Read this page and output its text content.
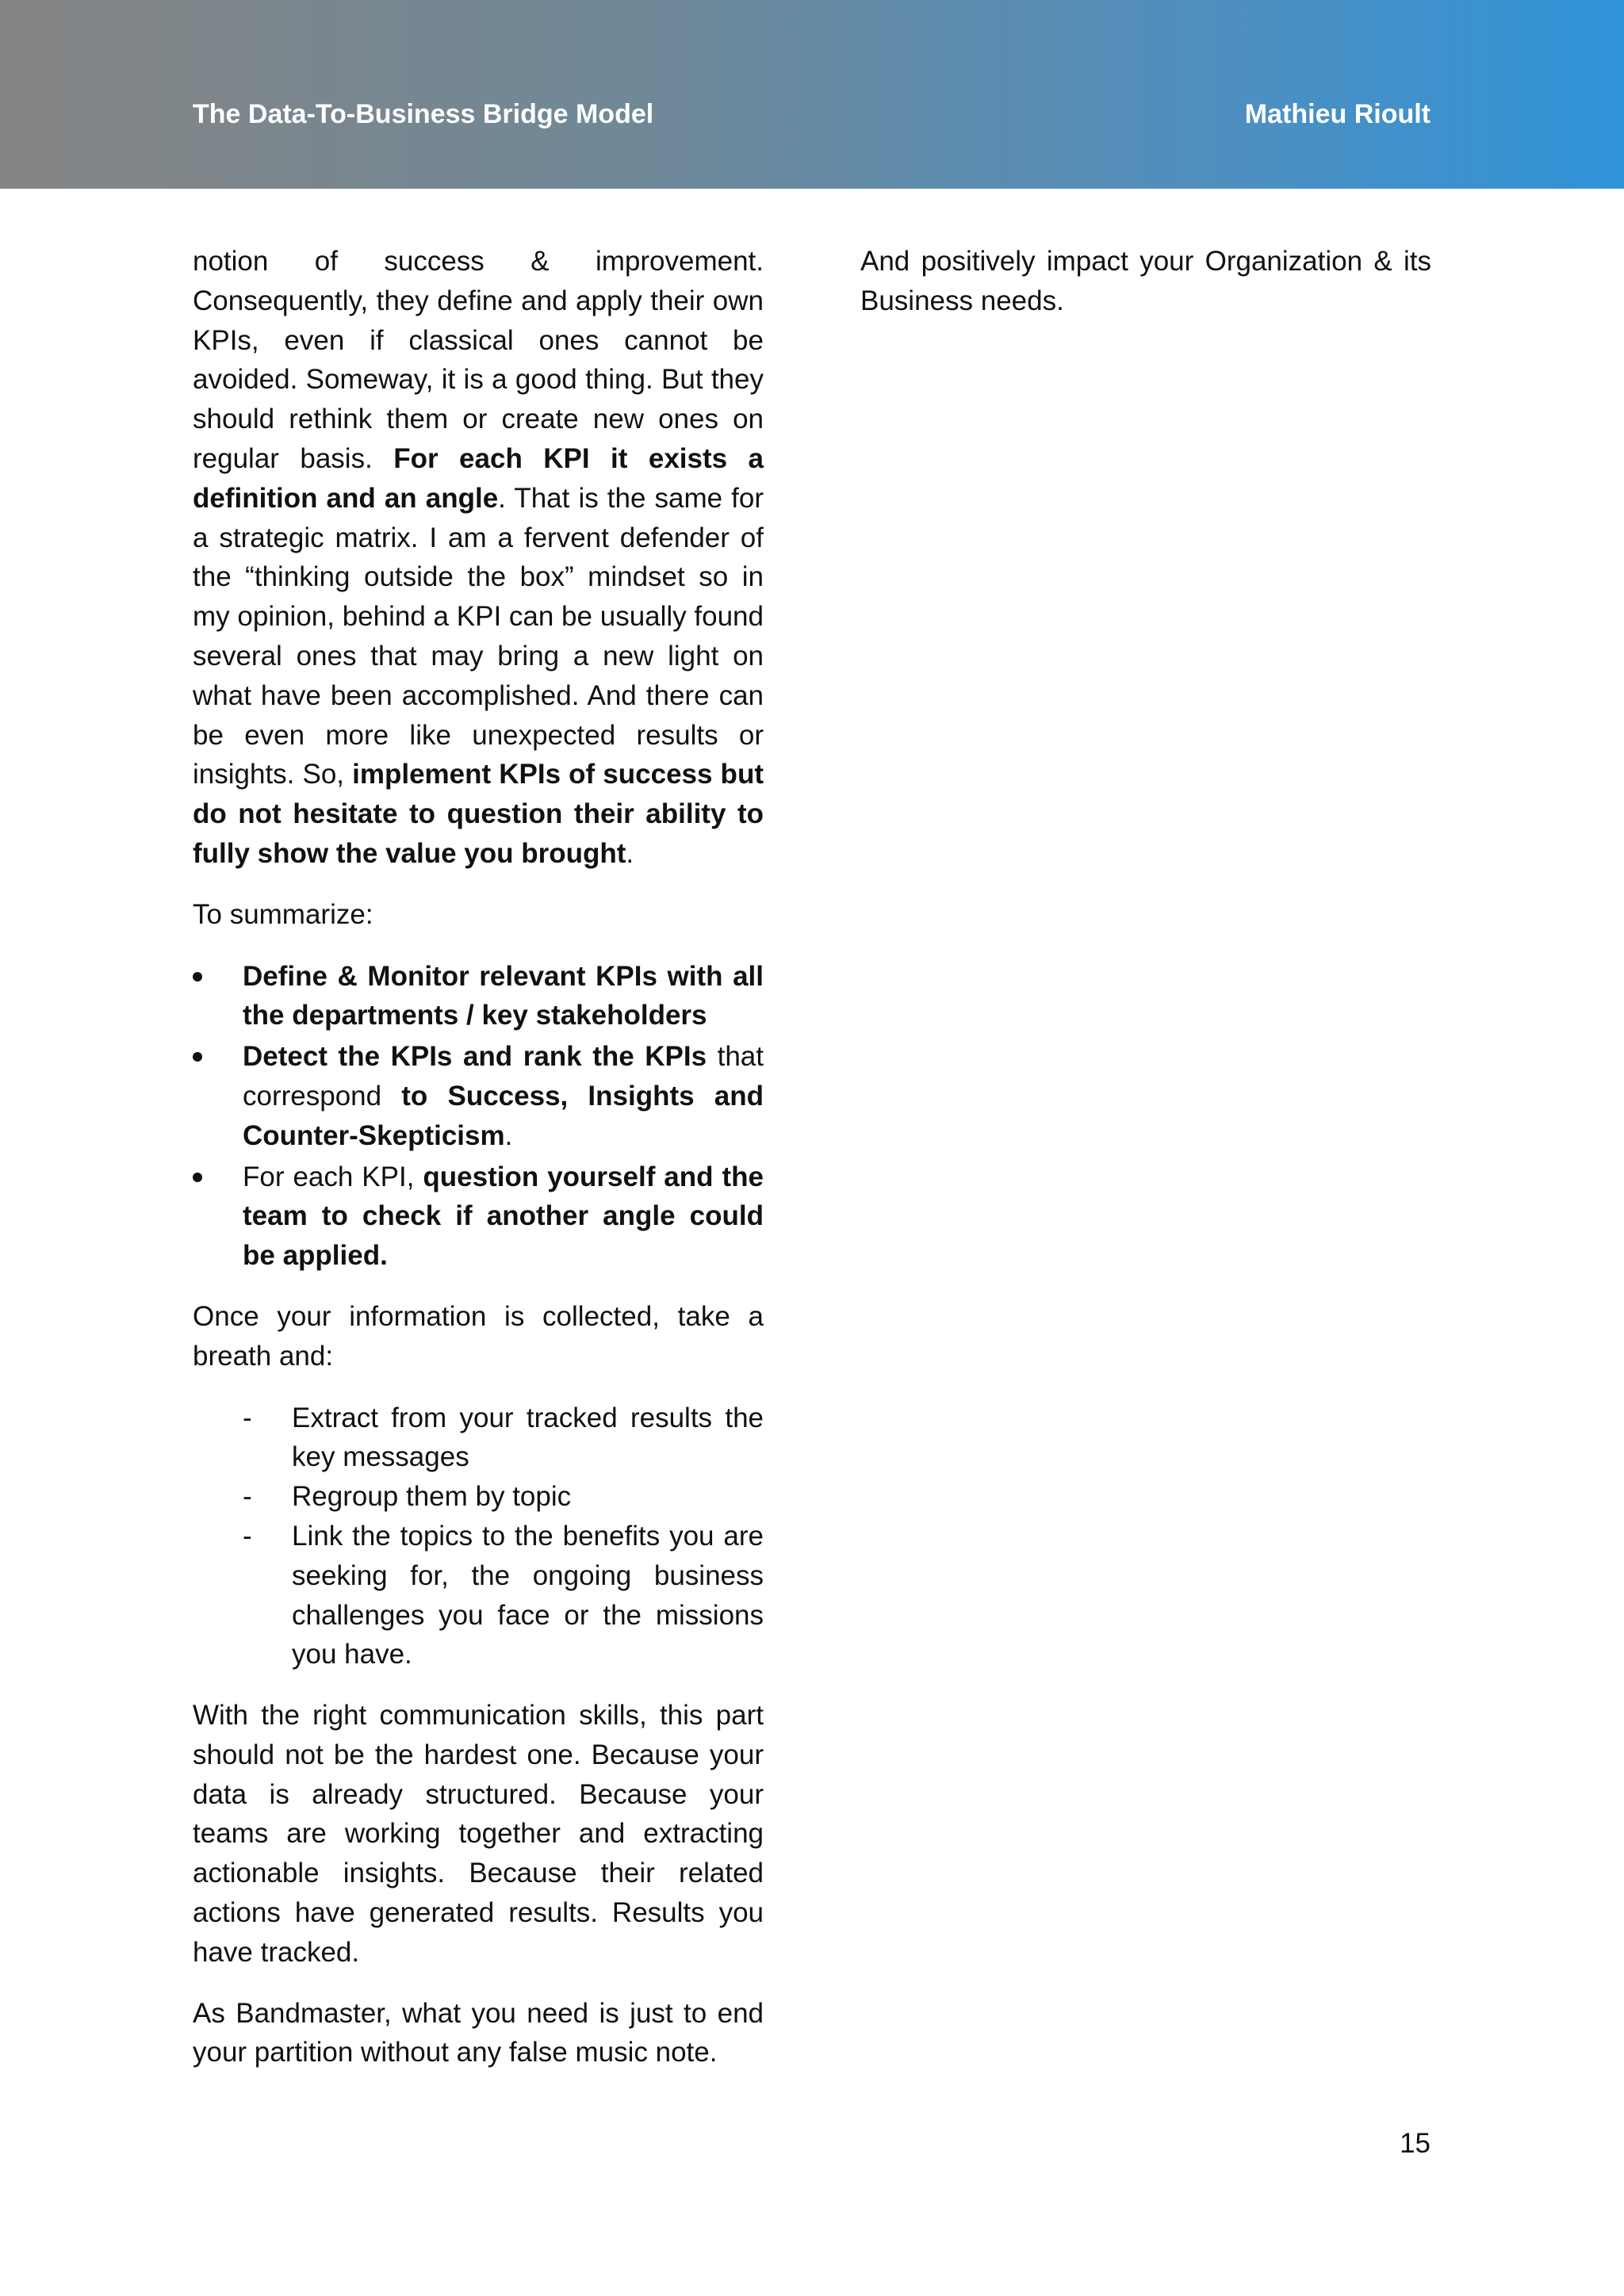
The Data-To-Business Bridge Model	Mathieu Rioult

notion of success & improvement. Consequently, they define and apply their own KPIs, even if classical ones cannot be avoided. Someway, it is a good thing. But they should rethink them or create new ones on regular basis. For each KPI it exists a definition and an angle. That is the same for a strategic matrix. I am a fervent defender of the “thinking outside the box” mindset so in my opinion, behind a KPI can be usually found several ones that may bring a new light on what have been accomplished. And there can be even more like unexpected results or insights. So, implement KPIs of success but do not hesitate to question their ability to fully show the value you brought.

To summarize:

Define & Monitor relevant KPIs with all the departments / key stakeholders
Detect the KPIs and rank the KPIs that correspond to Success, Insights and Counter-Skepticism.
For each KPI, question yourself and the team to check if another angle could be applied.

Once your information is collected, take a breath and:

- Extract from your tracked results the key messages
- Regroup them by topic
- Link the topics to the benefits you are seeking for, the ongoing business challenges you face or the missions you have.

With the right communication skills, this part should not be the hardest one. Because your data is already structured. Because your teams are working together and extracting actionable insights. Because their related actions have generated results. Results you have tracked.

As Bandmaster, what you need is just to end your partition without any false music note.

And positively impact your Organization & its Business needs.

15
